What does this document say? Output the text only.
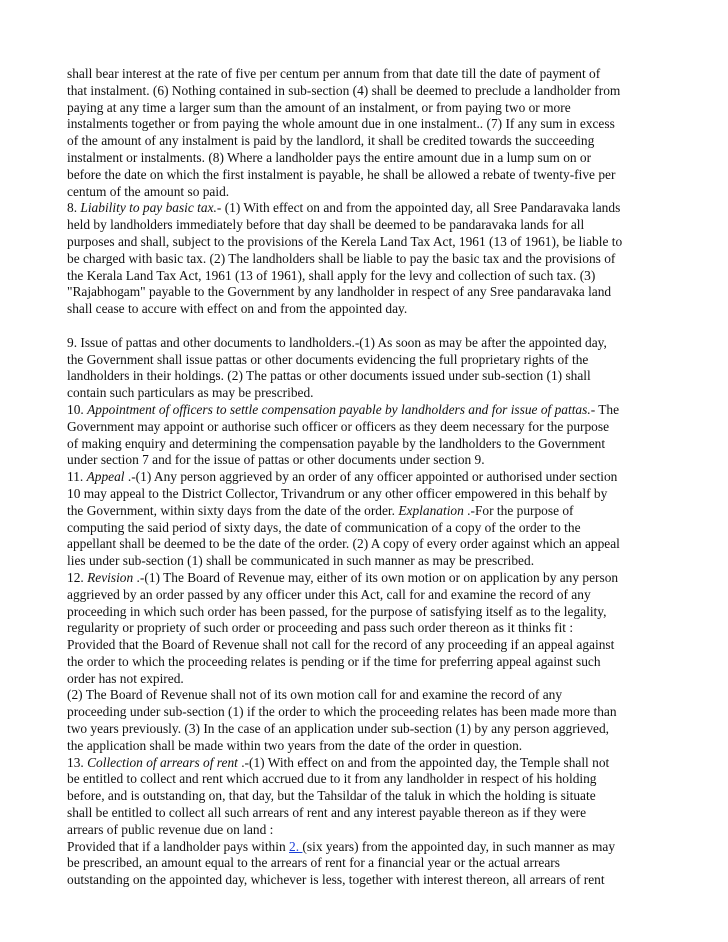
shall bear interest at the rate of five per centum per annum from that date till the date of payment of
that instalment. (6) Nothing contained in sub-section (4) shall be deemed to preclude a landholder from
paying at any time a larger sum than the amount of an instalment, or from paying two or more
instalments together or from paying the whole amount due in one instalment.. (7) If any sum in excess
of the amount of any instalment is paid by the landlord, it shall be credited towards the succeeding
instalment or instalments. (8) Where a landholder pays the entire amount due in a lump sum on or
before the date on which the first instalment is payable, he shall be allowed a rebate of twenty-five per
centum of the amount so paid.
8. Liability to pay basic tax.- (1) With effect on and from the appointed day, all Sree Pandaravaka lands
held by landholders immediately before that day shall be deemed to be pandaravaka lands for all
purposes and shall, subject to the provisions of the Kerela Land Tax Act, 1961 (13 of 1961), be liable to
be charged with basic tax. (2) The landholders shall be liable to pay the basic tax and the provisions of
the Kerala Land Tax Act, 1961 (13 of 1961), shall apply for the levy and collection of such tax. (3)
"Rajabhogam" payable to the Government by any landholder in respect of any Sree pandaravaka land
shall cease to accure with effect on and from the appointed day.
9. Issue of pattas and other documents to landholders.-(1) As soon as may be after the appointed day,
the Government shall issue pattas or other documents evidencing the full proprietary rights of the
landholders in their holdings. (2) The pattas or other documents issued under sub-section (1) shall
contain such particulars as may be prescribed.
10. Appointment of officers to settle compensation payable by landholders and for issue of pattas.- The
Government may appoint or authorise such officer or officers as they deem necessary for the purpose
of making enquiry and determining the compensation payable by the landholders to the Government
under section 7 and for the issue of pattas or other documents under section 9.
11. Appeal .-(1) Any person aggrieved by an order of any officer appointed or authorised under section
10 may appeal to the District Collector, Trivandrum or any other officer empowered in this behalf by
the Government, within sixty days from the date of the order. Explanation .-For the purpose of
computing the said period of sixty days, the date of communication of a copy of the order to the
appellant shall be deemed to be the date of the order. (2) A copy of every order against which an appeal
lies under sub-section (1) shall be communicated in such manner as may be prescribed.
12. Revision .-(1) The Board of Revenue may, either of its own motion or on application by any person
aggrieved by an order passed by any officer under this Act, call for and examine the record of any
proceeding in which such order has been passed, for the purpose of satisfying itself as to the legality,
regularity or propriety of such order or proceeding and pass such order thereon as it thinks fit :
Provided that the Board of Revenue shall not call for the record of any proceeding if an appeal against
the order to which the proceeding relates is pending or if the time for preferring appeal against such
order has not expired.
(2) The Board of Revenue shall not of its own motion call for and examine the record of any
proceeding under sub-section (1) if the order to which the proceeding relates has been made more than
two years previously. (3) In the case of an application under sub-section (1) by any person aggrieved,
the application shall be made within two years from the date of the order in question.
13. Collection of arrears of rent .-(1) With effect on and from the appointed day, the Temple shall not
be entitled to collect and rent which accrued due to it from any landholder in respect of his holding
before, and is outstanding on, that day, but the Tahsildar of the taluk in which the holding is situate
shall be entitled to collect all such arrears of rent and any interest payable thereon as if they were
arrears of public revenue due on land :
Provided that if a landholder pays within 2. (six years) from the appointed day, in such manner as may
be prescribed, an amount equal to the arrears of rent for a financial year or the actual arrears
outstanding on the appointed day, whichever is less, together with interest thereon, all arrears of rent
